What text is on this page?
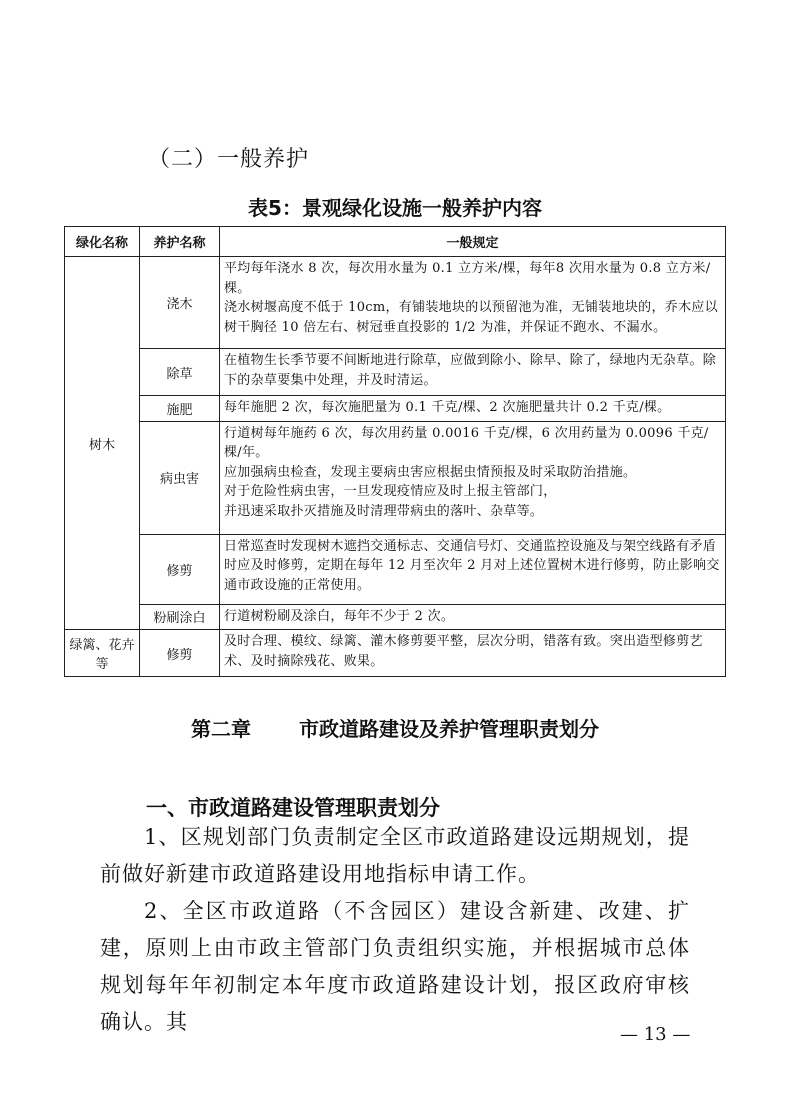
（二）一般养护
表5：景观绿化设施一般养护内容
绿化名称	养护名称	一般规定
树木	浇木	平均每年浇水 8 次，每次用水量为 0.1 立方米/棵，每年8 次用水量为 0.8 立方米/棵。
浇水树堰高度不低于 10cm，有铺装地块的以预留池为准，无铺装地块的，乔木应以树干胸径 10 倍左右、树冠垂直投影的 1/2 为准，并保证不跑水、不漏水。

	除草	在植物生长季节要不间断地进行除草，应做到除小、除早、除了，绿地内无杂草。除下的杂草要集中处理，并及时清运。

	施肥	每年施肥 2 次，每次施肥量为 0.1 千克/棵、2 次施肥量共计 0.2 千克/棵。

	病虫害	行道树每年施药 6 次，每次用药量 0.0016 千克/棵，6 次用药量为 0.0096 千克/棵/年。
应加强病虫检查，发现主要病虫害应根据虫情预报及时采取防治措施。
对于危险性病虫害，一旦发现疫情应及时上报主管部门，
并迅速采取扑灭措施及时清理带病虫的落叶、杂草等。

	修剪	日常巡查时发现树木遮挡交通标志、交通信号灯、交通监控设施及与架空线路有矛盾时应及时修剪，定期在每年 12 月至次年 2 月对上述位置树木进行修剪，防止影响交通市政设施的正常使用。

	粉刷涂白	行道树粉刷及涂白，每年不少于 2 次。

绿篱、花卉等	修剪	及时合理、模纹、绿篱、灌木修剪要平整，层次分明，错落有致。突出造型修剪艺术、及时摘除残花、败果。
第二章 市政道路建设及养护管理职责划分
一、市政道路建设管理职责划分
1、区规划部门负责制定全区市政道路建设远期规划，提前做好新建市政道路建设用地指标申请工作。
2、全区市政道路（不含园区）建设含新建、改建、扩建，原则上由市政主管部门负责组织实施，并根据城市总体规划每年年初制定本年度市政道路建设计划，报区政府审核确认。其
— 13 —
